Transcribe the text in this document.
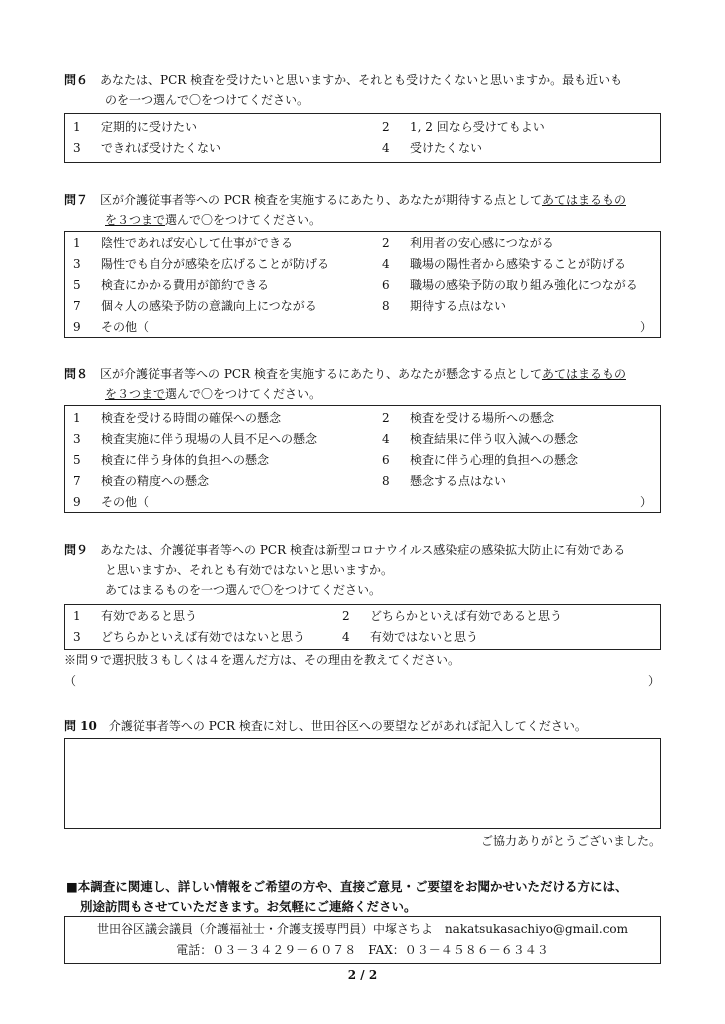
問６　 あなたは、PCR 検査を受けたいと思いますか、それとも受けたくないと思いますか。最も近いも
のを一つ選んで〇をつけてください。
1 定期的に受けたい	2 1, 2 回なら受けてもよい
3 できれば受けたくない	4 受けたくない
問７　 区が介護従事者等への PCR 検査を実施するにあたり、あなたが期待する点としてあてはまるもの
を３つまで選んで〇をつけてください。
1 陰性であれば安心して仕事ができる	2 利用者の安心感につながる
3 陽性でも自分が感染を広げることが防げる	4 職場の陽性者から感染することが防げる
5 検査にかかる費用が節約できる	6 職場の感染予防の取り組み強化につながる
7 個々人の感染予防の意識向上につながる	8 期待する点はない
9 その他（	）
問８　 区が介護従事者等への PCR 検査を実施するにあたり、あなたが懸念する点としてあてはまるもの
を３つまで選んで〇をつけてください。
1 検査を受ける時間の確保への懸念	2 検査を受ける場所への懸念
3 検査実施に伴う現場の人員不足への懸念	4 検査結果に伴う収入減への懸念
5 検査に伴う身体的負担への懸念	6 検査に伴う心理的負担への懸念
7 検査の精度への懸念	8 懸念する点はない
9 その他（	）
問９　 あなたは、介護従事者等への PCR 検査は新型コロナウイルス感染症の感染拡大防止に有効である
と思いますか、それとも有効ではないと思いますか。
あてはまるものを一つ選んで〇をつけてください。
1 有効であると思う	2 どちらかといえば有効であると思う
3 どちらかといえば有効ではないと思う	4 有効ではないと思う
※問９で選択肢３もしくは４を選んだ方は、その理由を教えてください。
（	）
問 10　 介護従事者等への PCR 検査に対し、世田谷区への要望などがあれば記入してください。
ご協力ありがとうございました。
■本調査に関連し、詳しい情報をご希望の方や、直接ご意見・ご要望をお聞かせいただける方には、
別途訪問もさせていただきます。お気軽にご連絡ください。
世田谷区議会議員（介護福祉士・介護支援専門員）中塚さちよ　nakatsukasachiyo@gmail.com
電話：０３－３４２９－６０７８　FAX：０３－４５８６－６３４３
2 / 2
